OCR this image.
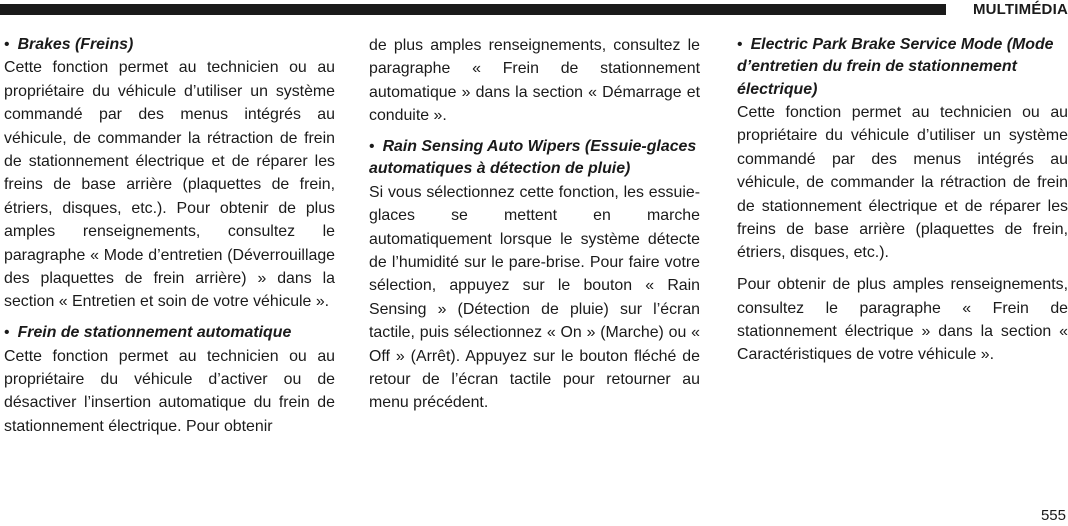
MULTIMÉDIA
• Brakes (Freins)

Cette fonction permet au technicien ou au propriétaire du véhicule d’utiliser un système commandé par des menus intégrés au véhicule, de commander la rétraction de frein de stationnement électrique et de réparer les freins de base arrière (plaquettes de frein, étriers, disques, etc.). Pour obtenir de plus amples renseignements, consultez le paragraphe « Mode d’entretien (Déverrouillage des plaquettes de frein arrière) » dans la section « Entretien et soin de votre véhicule ».

• Frein de stationnement automatique

Cette fonction permet au technicien ou au propriétaire du véhicule d’activer ou de désactiver l’insertion automatique du frein de stationnement électrique. Pour obtenir

de plus amples renseignements, consultez le paragraphe « Frein de stationnement automatique » dans la section « Démarrage et conduite ».

• Rain Sensing Auto Wipers (Essuie-glaces automatiques à détection de pluie)

Si vous sélectionnez cette fonction, les essuie-glaces se mettent en marche automatiquement lorsque le système détecte de l’humidité sur le pare-brise. Pour faire votre sélection, appuyez sur le bouton « Rain Sensing » (Détection de pluie) sur l’écran tactile, puis sélectionnez « On » (Marche) ou « Off » (Arrêt). Appuyez sur le bouton fléché de retour de l’écran tactile pour retourner au menu précédent.

• Electric Park Brake Service Mode (Mode d’entretien du frein de stationnement électrique)

Cette fonction permet au technicien ou au propriétaire du véhicule d’utiliser un système commandé par des menus intégrés au véhicule, de commander la rétraction de frein de stationnement électrique et de réparer les freins de base arrière (plaquettes de frein, étriers, disques, etc.).

Pour obtenir de plus amples renseignements, consultez le paragraphe « Frein de stationnement électrique » dans la section « Caractéristiques de votre véhicule ».

555
